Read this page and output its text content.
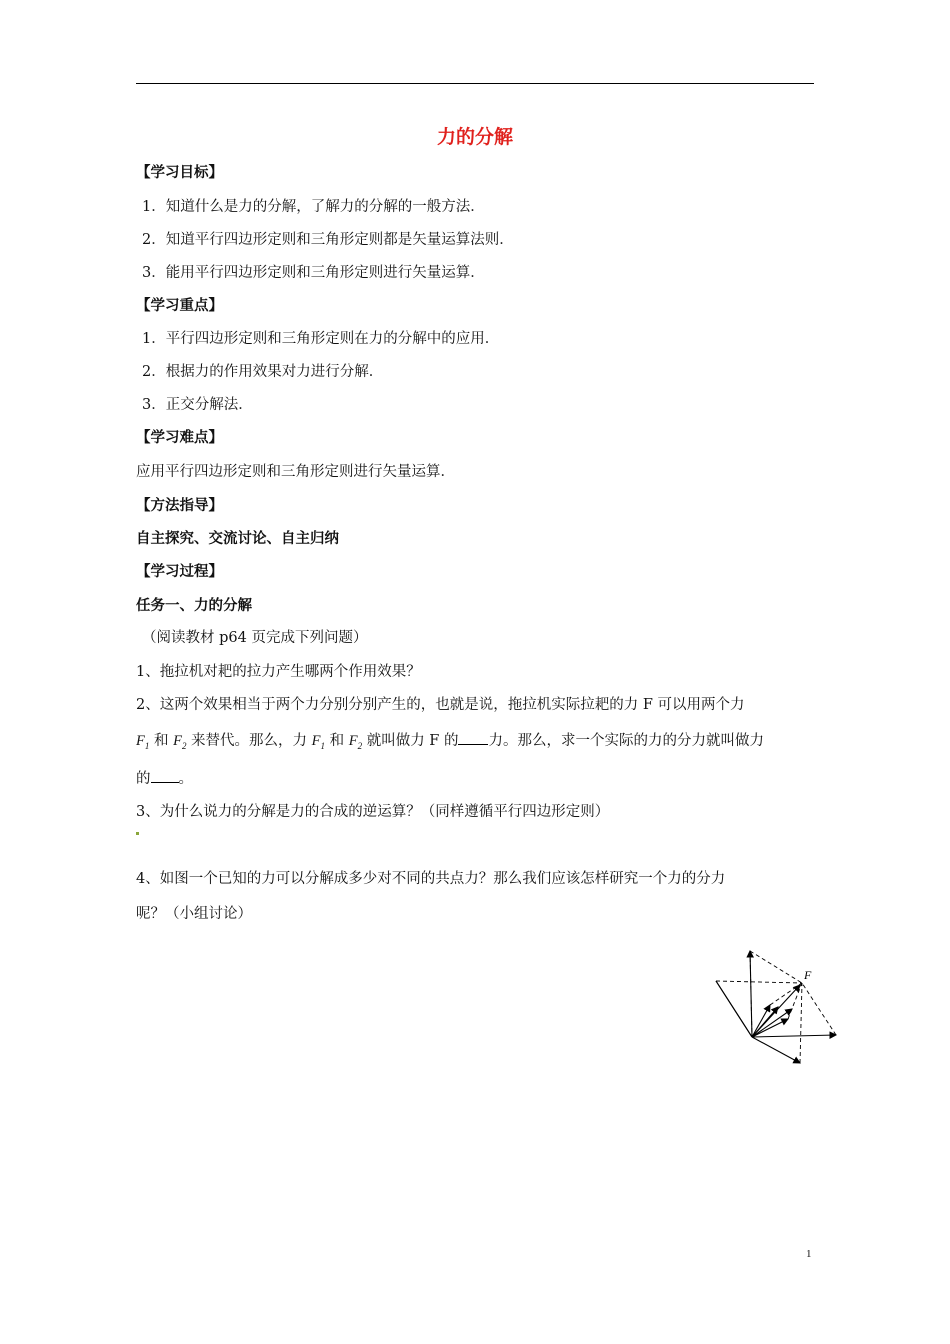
力的分解
【学习目标】
1．知道什么是力的分解，了解力的分解的一般方法．
2．知道平行四边形定则和三角形定则都是矢量运算法则．
3．能用平行四边形定则和三角形定则进行矢量运算．
【学习重点】
1．平行四边形定则和三角形定则在力的分解中的应用．
2．根据力的作用效果对力进行分解．
3．正交分解法．
【学习难点】
应用平行四边形定则和三角形定则进行矢量运算．
【方法指导】
自主探究、交流讨论、自主归纳
【学习过程】
任务一、力的分解
（阅读教材 p64 页完成下列问题）
1、拖拉机对耙的拉力产生哪两个作用效果？
2、这两个效果相当于两个力分别分别产生的，也就是说，拖拉机实际拉耙的力 F 可以用两个力
$F_1$ 和 $F_2$ 来替代。那么，力 $F_1$ 和 $F_2$ 就叫做力 F 的 力。那么，求一个实际的力的分力就叫做力
的 。
3、为什么说力的分解是力的合成的逆运算？（同样遵循平行四边形定则）
4、如图一个已知的力可以分解成多少对不同的共点力？那么我们应该怎样研究一个力的分力
呢？（小组讨论）
F
1
